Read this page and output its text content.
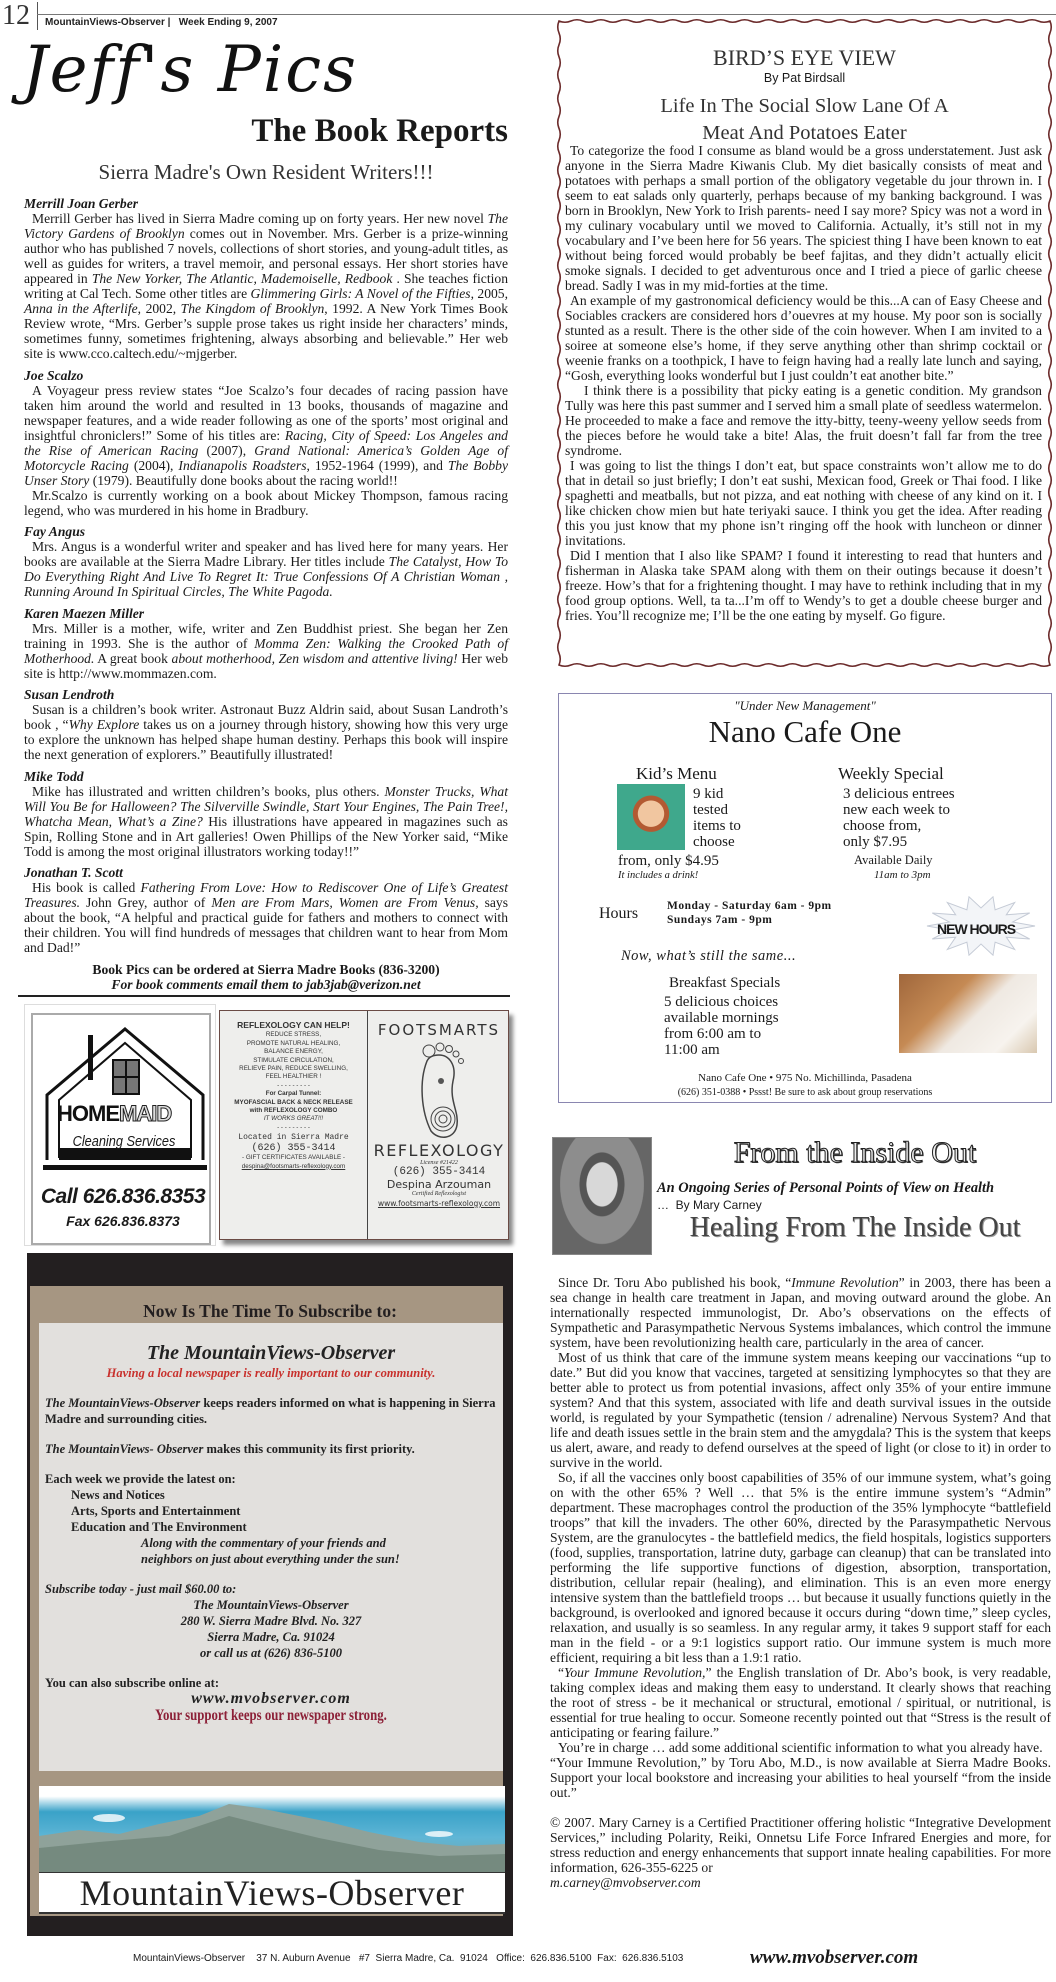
12 MountainViews-Observer |   Week Ending 9, 2007
Jeff's Pics
The Book Reports
Sierra Madre's Own Resident Writers!!!
Merrill Joan Gerber

Merrill Gerber has lived in Sierra Madre coming up on forty years. Her new novel The Victory Gardens of Brooklyn comes out in November. Mrs. Gerber is a prize-winning author who has published 7 novels, collections of short stories, and young-adult titles, as well as guides for writers, a travel memoir, and personal essays. Her short stories have appeared in The New Yorker, The Atlantic, Mademoiselle, Redbook . She teaches fiction writing at Cal Tech. Some other titles are Glimmering Girls: A Novel of the Fifties, 2005, Anna in the Afterlife, 2002, The Kingdom of Brooklyn, 1992. A New York Times Book Review wrote, “Mrs. Gerber’s supple prose takes us right inside her characters’ minds, sometimes funny, sometimes frightening, always absorbing and believable.” Her web site is www.cco.caltech.edu/~mjgerber.

Joe Scalzo

A Voyageur press review states “Joe Scalzo’s four decades of racing passion have taken him around the world and resulted in 13 books, thousands of magazine and newspaper features, and a wide reader following as one of the sports’ most original and insightful chroniclers!” Some of his titles are: Racing, City of Speed: Los Angeles and the Rise of American Racing (2007), Grand National: America’s Golden Age of Motorcycle Racing (2004), Indianapolis Roadsters, 1952-1964 (1999), and The Bobby Unser Story (1979). Beautifully done books about the racing world!!

Mr.Scalzo is currently working on a book about Mickey Thompson, famous racing legend, who was murdered in his home in Bradbury.

Fay Angus

Mrs. Angus is a wonderful writer and speaker and has lived here for many years. Her books are available at the Sierra Madre Library. Her titles include The Catalyst, How To Do Everything Right And Live To Regret It: True Confessions Of A Christian Woman , Running Around In Spiritual Circles, The White Pagoda.

Karen Maezen Miller

Mrs. Miller is a mother, wife, writer and Zen Buddhist priest. She began her Zen training in 1993. She is the author of Momma Zen: Walking the Crooked Path of Motherhood. A great book about motherhood, Zen wisdom and attentive living! Her web site is http://www.mommazen.com.

Susan Lendroth

Susan is a children’s book writer. Astronaut Buzz Aldrin said, about Susan Landroth’s book , “Why Explore takes us on a journey through history, showing how this very urge to explore the unknown has helped shape human destiny. Perhaps this book will inspire the next generation of explorers.” Beautifully illustrated!

Mike Todd

Mike has illustrated and written children’s books, plus others. Monster Trucks, What Will You Be for Halloween? The Silverville Swindle, Start Your Engines, The Pain Tree!, Whatcha Mean, What’s a Zine? His illustrations have appeared in magazines such as Spin, Rolling Stone and in Art galleries! Owen Phillips of the New Yorker said, “Mike Todd is among the most original illustrators working today!!”

Jonathan T. Scott

His book is called Fathering From Love: How to Rediscover One of Life’s Greatest Treasures. John Grey, author of Men are From Mars, Women are From Venus, says about the book, “A helpful and practical guide for fathers and mothers to connect with their children. You will find hundreds of messages that children want to hear from Mom and Dad!”

Book Pics can be ordered at Sierra Madre Books (836-3200)
For book comments email them to jab3jab@verizon.net
HOMEMAID
Cleaning Services
Call 626.836.8353
Fax 626.836.8373
REFLEXOLOGY CAN HELP!
REDUCE STRESS,
PROMOTE NATURAL HEALING,
BALANCE ENERGY,
STIMULATE CIRCULATION,
RELIEVE PAIN, REDUCE SWELLING,
FEEL HEALTHIER !
- - - - - - - - -
For Carpal Tunnel:
MYOFASCIAL BACK & NECK RELEASE
with REFLEXOLOGY COMBO
IT WORKS GREAT!!!
- - - - - - - - -
Located in Sierra Madre
(626) 355-3414
- GIFT CERTIFICATES AVAILABLE -
despina@footsmarts-reflexology.com
FOOTSMARTS
REFLEXOLOGY
License #21422
(626) 355-3414
Despina Arzouman
Certified Reflexologist
www.footsmarts-reflexology.com
Now Is The Time To Subscribe to:
The MountainViews-Observer
Having a local newspaper is really important to our community.
The MountainViews-Observer keeps readers informed on what is happening in Sierra Madre and surrounding cities.
The MountainViews- Observer makes this community its first priority.
Each week we provide the latest on:
News and Notices
Arts, Sports and Entertainment
Education and The Environment
Along with the commentary of your friends and
neighbors on just about everything under the sun!
Subscribe today - just mail $60.00 to:
The MountainViews-Observer
280 W. Sierra Madre Blvd. No. 327
Sierra Madre, Ca. 91024
or call us at (626) 836-5100
You can also subscribe online at:
www.mvobserver.com
Your support keeps our newspaper strong.
MountainViews-Observer
BIRD’S EYE VIEW
By Pat Birdsall
Life In The Social Slow Lane Of A
Meat And Potatoes Eater

To categorize the food I consume as bland would be a gross understatement. Just ask anyone in the Sierra Madre Kiwanis Club. My diet basically consists of meat and potatoes with perhaps a small portion of the obligatory vegetable du jour thrown in. I seem to eat salads only quarterly, perhaps because of my banking background. I was born in Brooklyn, New York to Irish parents- need I say more? Spicy was not a word in my culinary vocabulary until we moved to California. Actually, it’s still not in my vocabulary and I’ve been here for 56 years. The spiciest thing I have been known to eat without being forced would probably be beef fajitas, and they didn’t actually elicit smoke signals. I decided to get adventurous once and I tried a piece of garlic cheese bread. Sadly I was in my mid-forties at the time.

An example of my gastronomical deficiency would be this...A can of Easy Cheese and Sociables crackers are considered hors d’ouevres at my house. My poor son is socially stunted as a result. There is the other side of the coin however. When I am invited to a soiree at someone else’s home, if they serve anything other than shrimp cocktail or weenie franks on a toothpick, I have to feign having had a really late lunch and saying, “Gosh, everything looks wonderful but I just couldn’t eat another bite.”

I think there is a possibility that picky eating is a genetic condition. My grandson Tully was here this past summer and I served him a small plate of seedless watermelon. He proceeded to make a face and remove the itty-bitty, teeny-weeny yellow seeds from the pieces before he would take a bite! Alas, the fruit doesn’t fall far from the tree syndrome.

I was going to list the things I don’t eat, but space constraints won’t allow me to do that in detail so just briefly; I don’t eat sushi, Mexican food, Greek or Thai food. I like spaghetti and meatballs, but not pizza, and eat nothing with cheese of any kind on it. I like chicken chow mien but hate teriyaki sauce. I think you get the idea. After reading this you just know that my phone isn’t ringing off the hook with luncheon or dinner invitations.

Did I mention that I also like SPAM? I found it interesting to read that hunters and fisherman in Alaska take SPAM along with them on their outings because it doesn’t freeze. How’s that for a frightening thought. I may have to rethink including that in my food group options. Well, ta ta...I’m off to Wendy’s to get a double cheese burger and fries. You’ll recognize me; I’ll be the one eating by myself. Go figure.

"Under New Management"
Nano Cafe One
Kid’s Menu
9 kid
tested
items to
choose
from, only $4.95
It includes a drink!
Weekly Special
3 delicious entrees
new each week to
choose from,
only $7.95
Available Daily
11am to 3pm
Hours	Monday - Saturday 6am - 9pm
Sundays 7am - 9pm
NEW HOURS
Now, what’s still the same...
Breakfast Specials
5 delicious choices
available mornings
from 6:00 am to
11:00 am
Nano Cafe One • 975 No. Michillinda, Pasadena
(626) 351-0388 • Pssst! Be sure to ask about group reservations
From the Inside Out
An Ongoing Series of Personal Points of View on Health
…  By Mary Carney
Healing From The Inside Out

Since Dr. Toru Abo published his book, “Immune Revolution” in 2003, there has been a sea change in health care treatment in Japan, and moving outward around the globe. An internationally respected immunologist, Dr. Abo’s observations on the effects of Sympathetic and Parasympathetic Nervous Systems imbalances, which control the immune system, have been revolutionizing health care, particularly in the area of cancer.

Most of us think that care of the immune system means keeping our vaccinations “up to date.” But did you know that vaccines, targeted at sensitizing lymphocytes so that they are better able to protect us from potential invasions, affect only 35% of your entire immune system? And that this system, associated with life and death survival issues in the outside world, is regulated by your Sympathetic (tension / adrenaline) Nervous System? And that life and death issues settle in the brain stem and the amygdala? This is the system that keeps us alert, aware, and ready to defend ourselves at the speed of light (or close to it) in order to survive in the world.

So, if all the vaccines only boost capabilities of 35% of our immune system, what’s going on with the other 65% ? Well … that 5% is the entire immune system’s “Admin” department. These macrophages control the production of the 35% lymphocyte “battlefield troops” that kill the invaders. The other 60%, directed by the Parasympathetic Nervous System, are the granulocytes - the battlefield medics, the field hospitals, logistics supporters (food, supplies, transportation, latrine duty, garbage can cleanup) that can be translated into performing the life supportive functions of digestion, absorption, transportation, distribution, cellular repair (healing), and elimination. This is an even more energy intensive system than the battlefield troops … but because it usually functions quietly in the background, is overlooked and ignored because it occurs during “down time,” sleep cycles, relaxation, and usually is so seamless. In any regular army, it takes 9 support staff for each man in the field - or a 9:1 logistics support ratio. Our immune system is much more efficient, requiring a bit less than a 1.9:1 ratio.

“Your Immune Revolution,” the English translation of Dr. Abo’s book, is very readable, taking complex ideas and making them easy to understand. It clearly shows that reaching the root of stress - be it mechanical or structural, emotional / spiritual, or nutritional, is essential for true healing to occur. Someone recently pointed out that “Stress is the result of anticipating or fearing failure.”

You’re in charge … add some additional scientific information to what you already have.

“Your Immune Revolution,” by Toru Abo, M.D., is now available at Sierra Madre Books. Support your local bookstore and increasing your abilities to heal yourself “from the inside out.”

© 2007. Mary Carney is a Certified Practitioner offering holistic “Integrative Development Services,” including Polarity, Reiki, Onnetsu Life Force Infrared Energies and more, for stress reduction and energy enhancements that support innate healing capabilities. For more information, 626-355-6225 or

m.carney@mvobserver.com

MountainViews-Observer    37 N. Auburn Avenue   #7  Sierra Madre, Ca.  91024   Office:  626.836.5100  Fax:  626.836.5103	www.mvobserver.com
